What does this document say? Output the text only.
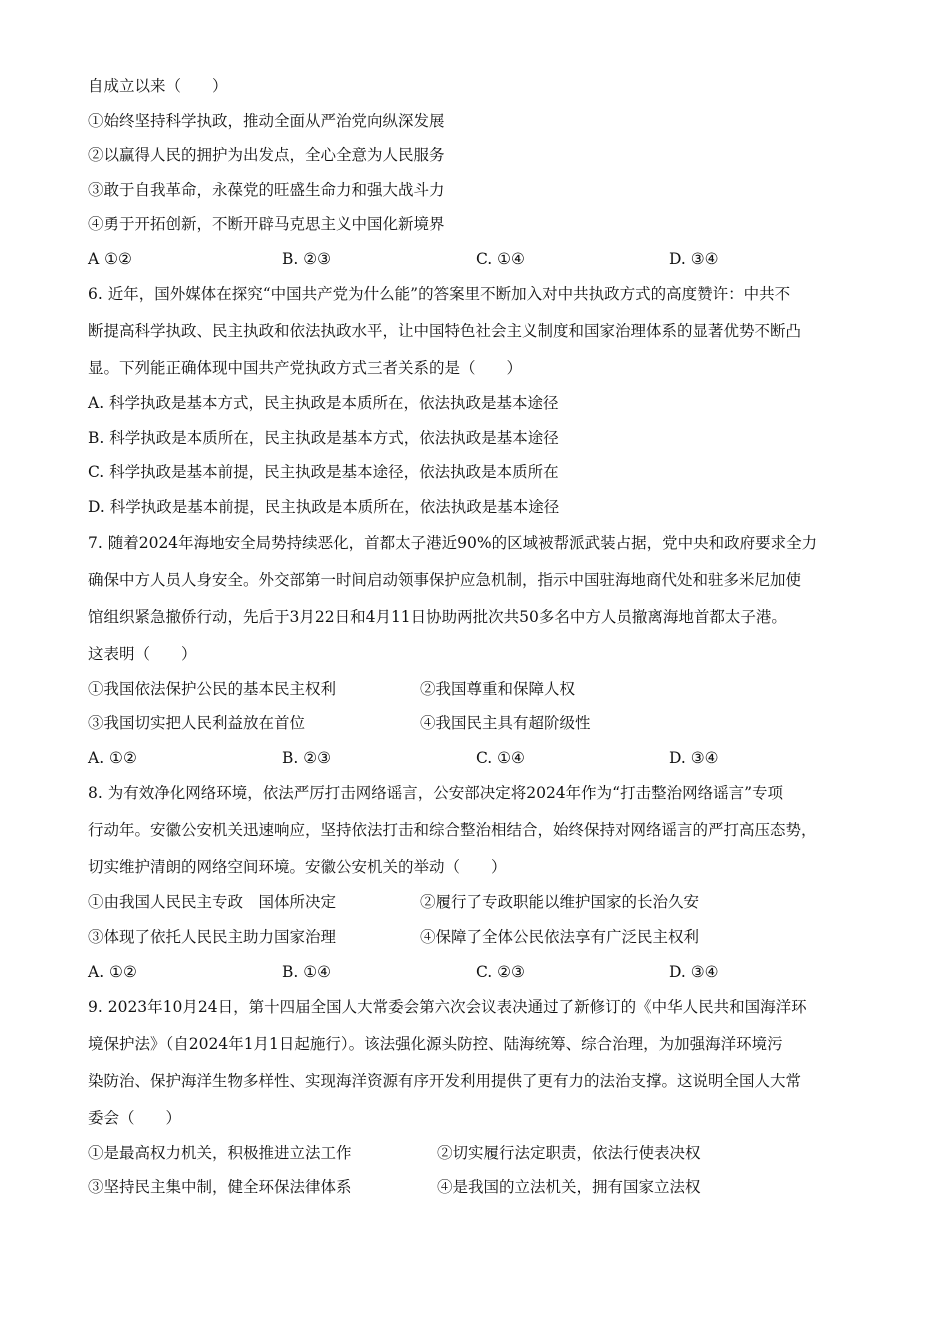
自成立以来（　　）
①始终坚持科学执政，推动全面从严治党向纵深发展
②以赢得人民的拥护为出发点，全心全意为人民服务
③敢于自我革命，永葆党的旺盛生命力和强大战斗力
④勇于开拓创新，不断开辟马克思主义中国化新境界
A ①②	B. ②③	C. ①④	D. ③④
6. 近年，国外媒体在探究“中国共产党为什么能”的答案里不断加入对中共执政方式的高度赞许：中共不
断提高科学执政、民主执政和依法执政水平，让中国特色社会主义制度和国家治理体系的显著优势不断凸
显。下列能正确体现中国共产党执政方式三者关系的是（　　）
A. 科学执政是基本方式，民主执政是本质所在，依法执政是基本途径
B. 科学执政是本质所在，民主执政是基本方式，依法执政是基本途径
C. 科学执政是基本前提，民主执政是基本途径，依法执政是本质所在
D. 科学执政是基本前提，民主执政是本质所在，依法执政是基本途径
7. 随着2024年海地安全局势持续恶化，首都太子港近90%的区域被帮派武装占据，党中央和政府要求全力
确保中方人员人身安全。外交部第一时间启动领事保护应急机制，指示中国驻海地商代处和驻多米尼加使
馆组织紧急撤侨行动，先后于3月22日和4月11日协助两批次共50多名中方人员撤离海地首都太子港。
这表明（　　）
①我国依法保护公民的基本民主权利	②我国尊重和保障人权
③我国切实把人民利益放在首位	④我国民主具有超阶级性
A. ①②	B. ②③	C. ①④	D. ③④
8. 为有效净化网络环境，依法严厉打击网络谣言，公安部决定将2024年作为“打击整治网络谣言”专项
行动年。安徽公安机关迅速响应，坚持依法打击和综合整治相结合，始终保持对网络谣言的严打高压态势，
切实维护清朗的网络空间环境。安徽公安机关的举动（　　）
①由我国人民民主专政　国体所决定	②履行了专政职能以维护国家的长治久安
③体现了依托人民民主助力国家治理	④保障了全体公民依法享有广泛民主权利
A. ①②	B. ①④	C. ②③	D. ③④
9. 2023年10月24日，第十四届全国人大常委会第六次会议表决通过了新修订的《中华人民共和国海洋环
境保护法》（自2024年1月1日起施行）。该法强化源头防控、陆海统筹、综合治理，为加强海洋环境污
染防治、保护海洋生物多样性、实现海洋资源有序开发利用提供了更有力的法治支撑。这说明全国人大常
委会（　　）
①是最高权力机关，积极推进立法工作	②切实履行法定职责，依法行使表决权
③坚持民主集中制，健全环保法律体系	④是我国的立法机关，拥有国家立法权
